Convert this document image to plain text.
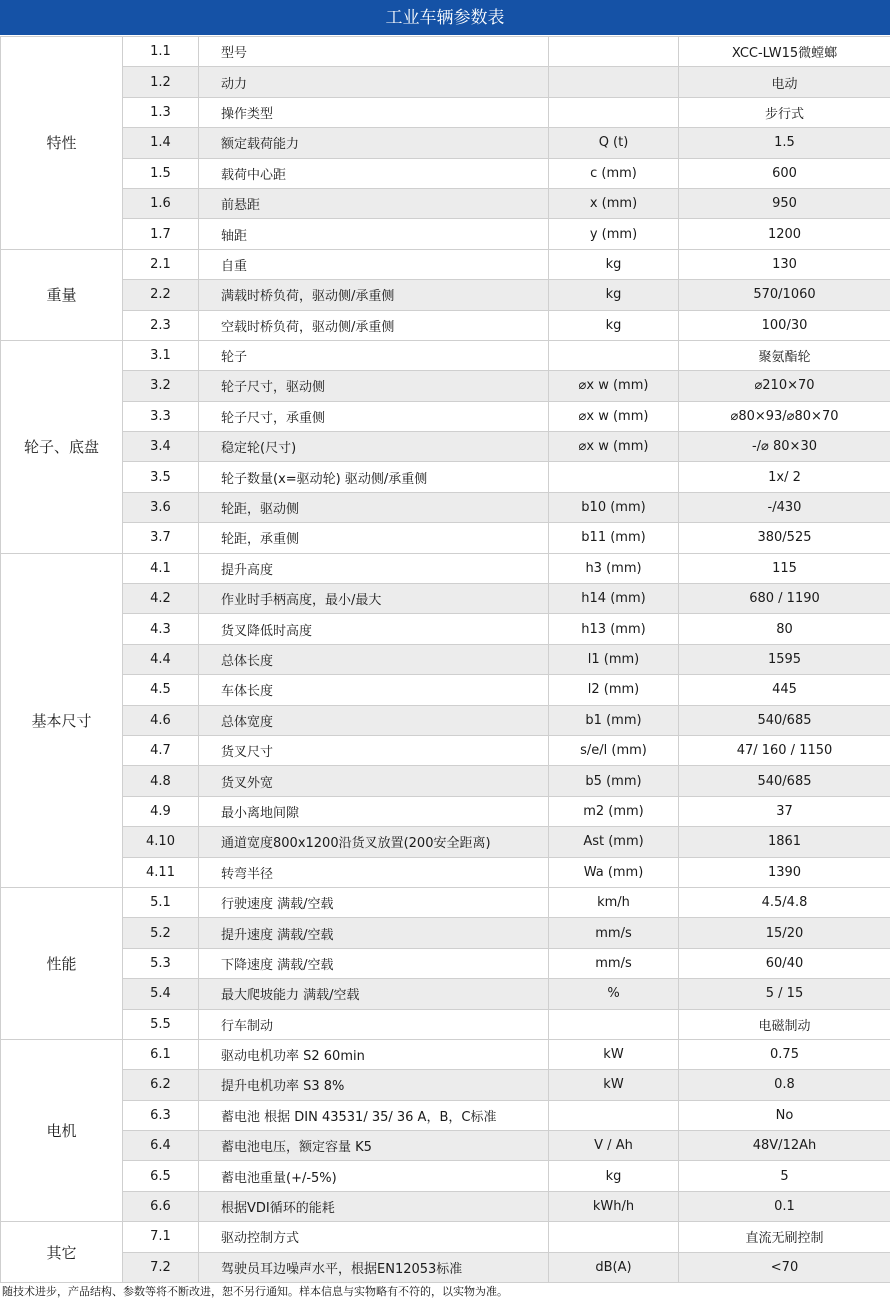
工业车辆参数表
特性	1.1	型号		XCC-LW15微螳螂
	1.2	动力		电动
	1.3	操作类型		步行式
	1.4	额定载荷能力	Q (t)	1.5
	1.5	载荷中心距	c (mm)	600
	1.6	前悬距	x (mm)	950
	1.7	轴距	y (mm)	1200
重量	2.1	自重	kg	130
	2.2	满载时桥负荷，驱动侧/承重侧	kg	570/1060
	2.3	空载时桥负荷，驱动侧/承重侧	kg	100/30
轮子、底盘	3.1	轮子		聚氨酯轮
	3.2	轮子尺寸，驱动侧	⌀x w (mm)	⌀210×70
	3.3	轮子尺寸，承重侧	⌀x w (mm)	⌀80×93/⌀80×70
	3.4	稳定轮(尺寸)	⌀x w (mm)	-/⌀ 80×30
	3.5	轮子数量(x=驱动轮) 驱动侧/承重侧		1x/ 2
	3.6	轮距，驱动侧	b10 (mm)	-/430
	3.7	轮距，承重侧	b11 (mm)	380/525
基本尺寸	4.1	提升高度	h3 (mm)	115
	4.2	作业时手柄高度，最小/最大	h14 (mm)	680 / 1190
	4.3	货叉降低时高度	h13 (mm)	80
	4.4	总体长度	l1 (mm)	1595
	4.5	车体长度	l2 (mm)	445
	4.6	总体宽度	b1 (mm)	540/685
	4.7	货叉尺寸	s/e/l (mm)	47/ 160 / 1150
	4.8	货叉外宽	b5 (mm)	540/685
	4.9	最小离地间隙	m2 (mm)	37
	4.10	通道宽度800x1200沿货叉放置(200安全距离)	Ast (mm)	1861
	4.11	转弯半径	Wa (mm)	1390
性能	5.1	行驶速度 满载/空载	km/h	4.5/4.8
	5.2	提升速度 满载/空载	mm/s	15/20
	5.3	下降速度 满载/空载	mm/s	60/40
	5.4	最大爬坡能力 满载/空载	%	5 / 15
	5.5	行车制动		电磁制动
电机	6.1	驱动电机功率 S2 60min	kW	0.75
	6.2	提升电机功率 S3 8%	kW	0.8
	6.3	蓄电池 根据 DIN 43531/ 35/ 36 A，B，C标准		No
	6.4	蓄电池电压，额定容量 K5	V / Ah	48V/12Ah
	6.5	蓄电池重量(+/-5%)	kg	5
	6.6	根据VDI循环的能耗	kWh/h	0.1
其它	7.1	驱动控制方式		直流无刷控制
	7.2	驾驶员耳边噪声水平，根据EN12053标准	dB(A)	<70
随技术进步，产品结构、参数等将不断改进，恕不另行通知。样本信息与实物略有不符的，以实物为准。
